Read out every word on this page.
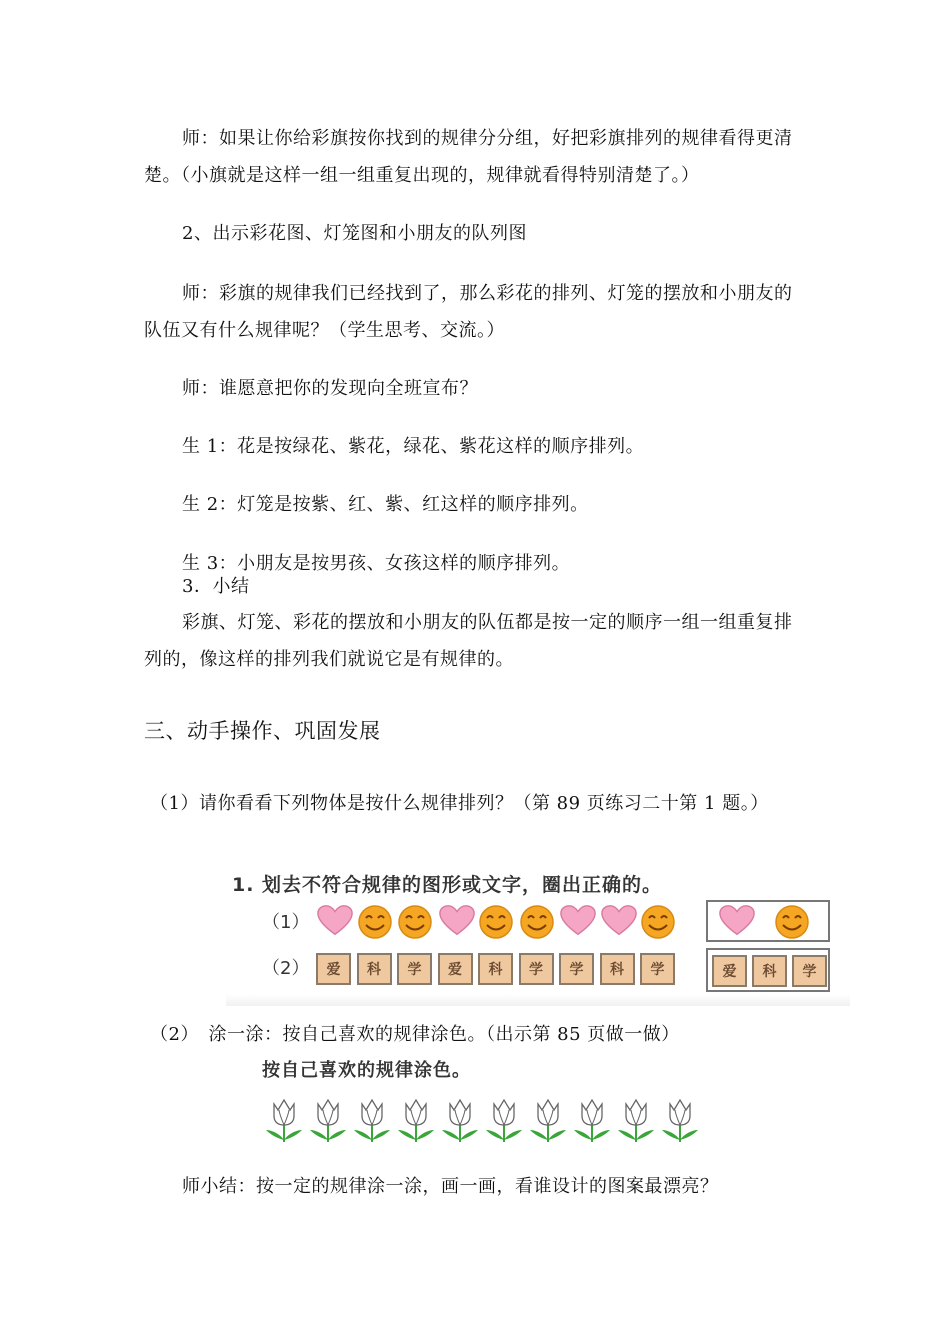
师：如果让你给彩旗按你找到的规律分分组，好把彩旗排列的规律看得更清楚。（小旗就是这样一组一组重复出现的，规律就看得特别清楚了。）

2、出示彩花图、灯笼图和小朋友的队列图

师：彩旗的规律我们已经找到了，那么彩花的排列、灯笼的摆放和小朋友的队伍又有什么规律呢？（学生思考、交流。）

师：谁愿意把你的发现向全班宣布？

生 1：花是按绿花、紫花，绿花、紫花这样的顺序排列。

生 2：灯笼是按紫、红、紫、红这样的顺序排列。

生 3：小朋友是按男孩、女孩这样的顺序排列。

3．小结

彩旗、灯笼、彩花的摆放和小朋友的队伍都是按一定的顺序一组一组重复排列的，像这样的排列我们就说它是有规律的。

三、动手操作、巩固发展

（1）请你看看下列物体是按什么规律排列？（第 89 页练习二十第 1 题。）

1. 划去不符合规律的图形或文字，圈出正确的。
（1）
（2）	爱	科	学	爱	科	学	学	科	学	爱	科	学

（2）　涂一涂：按自己喜欢的规律涂色。（出示第 85 页做一做）

按自己喜欢的规律涂色。

师小结：按一定的规律涂一涂，画一画，看谁设计的图案最漂亮？
